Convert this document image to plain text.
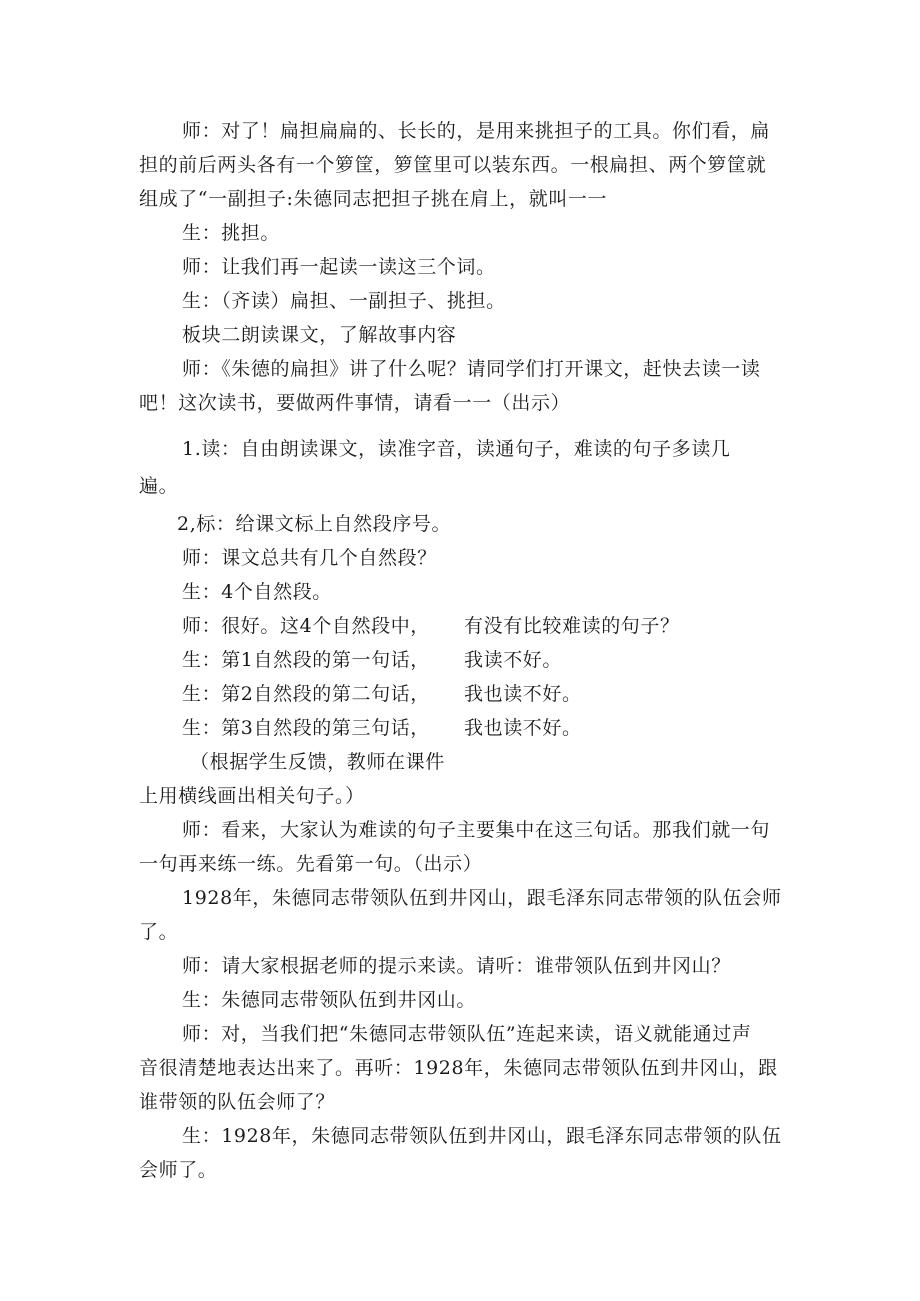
师：对了！扁担扁扁的、长长的，是用来挑担子的工具。你们看，扁

担的前后两头各有一个箩筐，箩筐里可以装东西。一根扁担、两个箩筐就

组成了“一副担子:朱德同志把担子挑在肩上，就叫一一

生：挑担。

师：让我们再一起读一读这三个词。

生：（齐读）扁担、一副担子、挑担。

板块二朗读课文，了解故事内容

师：《朱德的扁担》讲了什么呢？请同学们打开课文，赶快去读一读

吧！这次读书，要做两件事情，请看一一（出示）

1.读：自由朗读课文，读准字音，读通句子，难读的句子多读几

遍。

2,标：给课文标上自然段序号。

师：课文总共有几个自然段？

生：4个自然段。

师：很好。这4个自然段中， 有没有比较难读的句子？

生：第1自然段的第一句话， 我读不好。

生：第2自然段的第二句话， 我也读不好。

生：第3自然段的第三句话， 我也读不好。

（根据学生反馈，教师在课件

上用横线画出相关句子。）

师：看来，大家认为难读的句子主要集中在这三句话。那我们就一句

一句再来练一练。先看第一句。（出示）

1928年，朱德同志带领队伍到井冈山，跟毛泽东同志带领的队伍会师

了。

师：请大家根据老师的提示来读。请听：谁带领队伍到井冈山？

生：朱德同志带领队伍到井冈山。

师：对，当我们把“朱德同志带领队伍”连起来读，语义就能通过声

音很清楚地表达出来了。再听：1928年，朱德同志带领队伍到井冈山，跟

谁带领的队伍会师了？

生：1928年，朱德同志带领队伍到井冈山，跟毛泽东同志带领的队伍

会师了。
